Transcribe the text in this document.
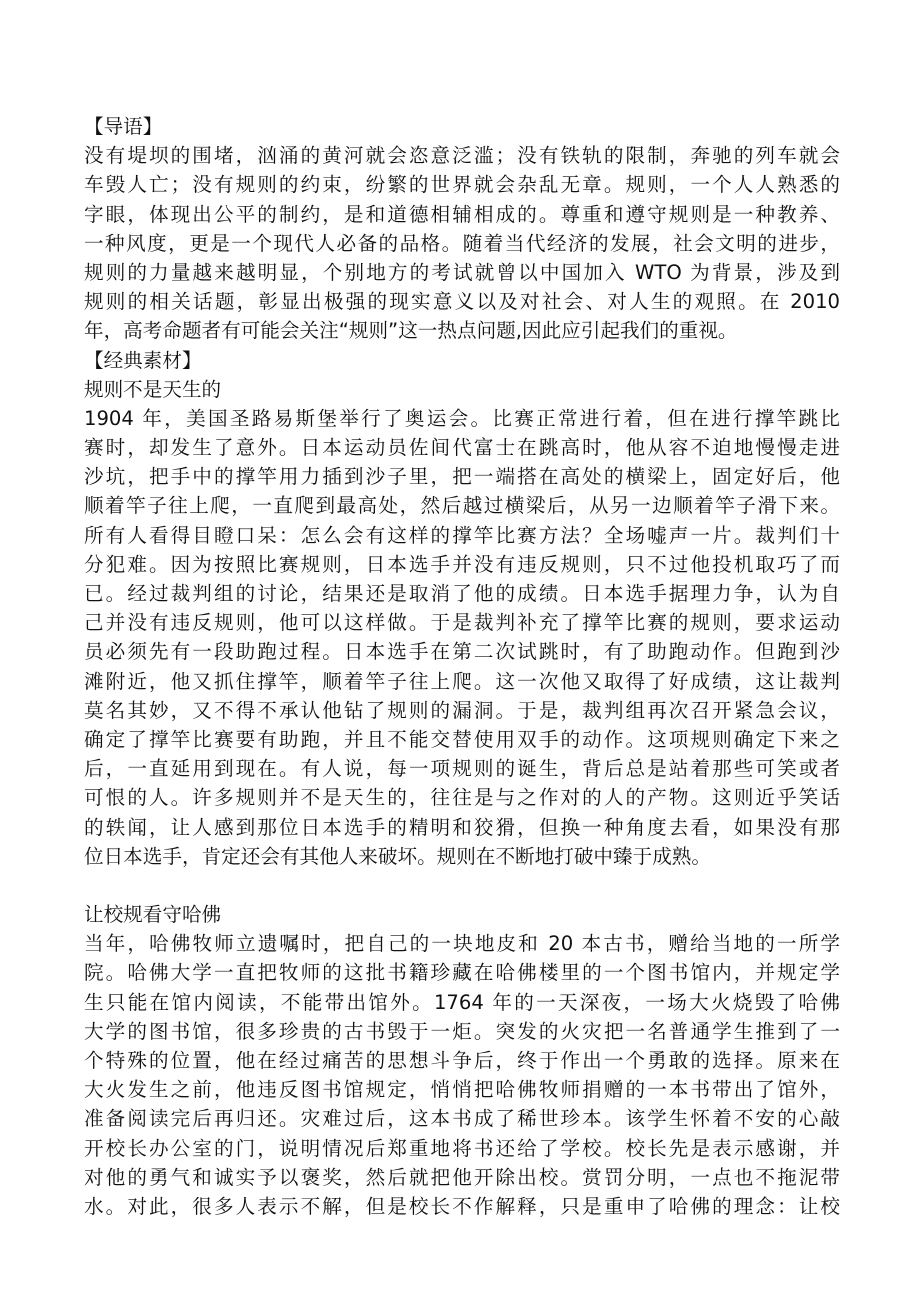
【导语】
没有堤坝的围堵，汹涌的黄河就会恣意泛滥；没有铁轨的限制，奔驰的列车就会
车毁人亡；没有规则的约束，纷繁的世界就会杂乱无章。规则，一个人人熟悉的
字眼，体现出公平的制约，是和道德相辅相成的。尊重和遵守规则是一种教养、
一种风度，更是一个现代人必备的品格。随着当代经济的发展，社会文明的进步，
规则的力量越来越明显，个别地方的考试就曾以中国加入 WTO 为背景，涉及到
规则的相关话题，彰显出极强的现实意义以及对社会、对人生的观照。在 2010
年，高考命题者有可能会关注“规则”这一热点问题,因此应引起我们的重视。
【经典素材】
规则不是天生的
1904 年，美国圣路易斯堡举行了奥运会。比赛正常进行着，但在进行撑竿跳比
赛时，却发生了意外。日本运动员佐间代富士在跳高时，他从容不迫地慢慢走进
沙坑，把手中的撑竿用力插到沙子里，把一端搭在高处的横梁上，固定好后，他
顺着竿子往上爬，一直爬到最高处，然后越过横梁后，从另一边顺着竿子滑下来。
所有人看得目瞪口呆：怎么会有这样的撑竿比赛方法？全场嘘声一片。裁判们十
分犯难。因为按照比赛规则，日本选手并没有违反规则，只不过他投机取巧了而
已。经过裁判组的讨论，结果还是取消了他的成绩。日本选手据理力争，认为自
己并没有违反规则，他可以这样做。于是裁判补充了撑竿比赛的规则，要求运动
员必须先有一段助跑过程。日本选手在第二次试跳时，有了助跑动作。但跑到沙
滩附近，他又抓住撑竿，顺着竿子往上爬。这一次他又取得了好成绩，这让裁判
莫名其妙，又不得不承认他钻了规则的漏洞。于是，裁判组再次召开紧急会议，
确定了撑竿比赛要有助跑，并且不能交替使用双手的动作。这项规则确定下来之
后，一直延用到现在。有人说，每一项规则的诞生，背后总是站着那些可笑或者
可恨的人。许多规则并不是天生的，往往是与之作对的人的产物。这则近乎笑话
的轶闻，让人感到那位日本选手的精明和狡猾，但换一种角度去看，如果没有那
位日本选手，肯定还会有其他人来破坏。规则在不断地打破中臻于成熟。
让校规看守哈佛
当年，哈佛牧师立遗嘱时，把自己的一块地皮和 20 本古书，赠给当地的一所学
院。哈佛大学一直把牧师的这批书籍珍藏在哈佛楼里的一个图书馆内，并规定学
生只能在馆内阅读，不能带出馆外。1764 年的一天深夜，一场大火烧毁了哈佛
大学的图书馆，很多珍贵的古书毁于一炬。突发的火灾把一名普通学生推到了一
个特殊的位置，他在经过痛苦的思想斗争后，终于作出一个勇敢的选择。原来在
大火发生之前，他违反图书馆规定，悄悄把哈佛牧师捐赠的一本书带出了馆外，
准备阅读完后再归还。灾难过后，这本书成了稀世珍本。该学生怀着不安的心敲
开校长办公室的门，说明情况后郑重地将书还给了学校。校长先是表示感谢，并
对他的勇气和诚实予以褒奖，然后就把他开除出校。赏罚分明，一点也不拖泥带
水。对此，很多人表示不解，但是校长不作解释，只是重申了哈佛的理念：让校
